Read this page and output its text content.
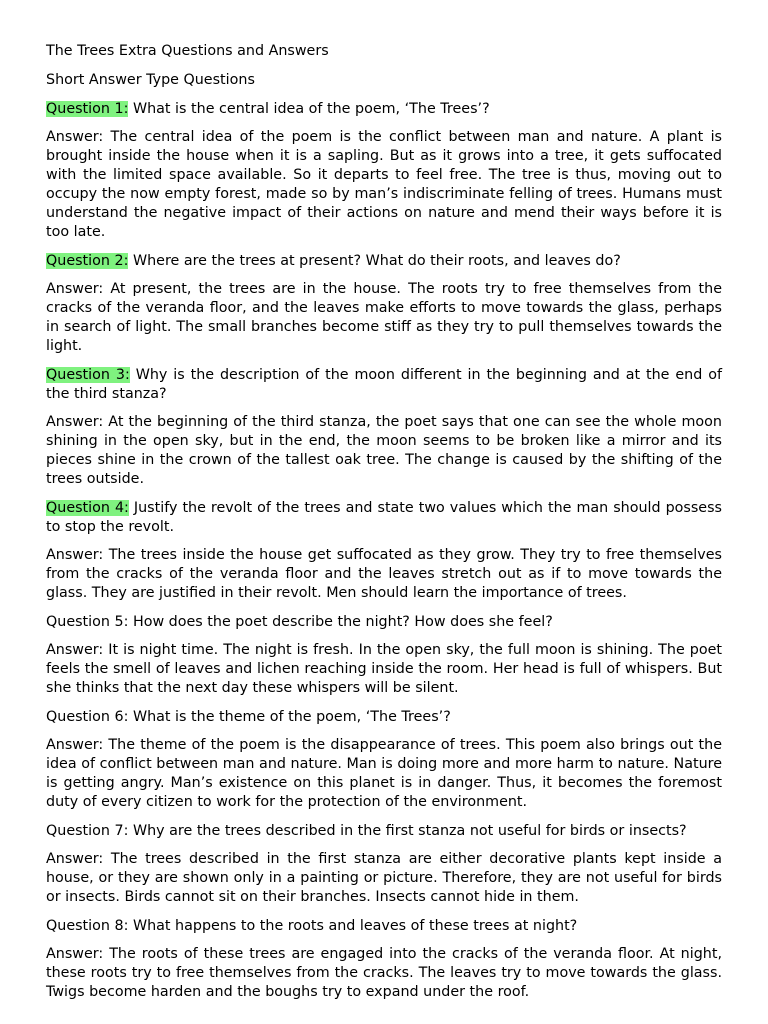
The Trees Extra Questions and Answers
Short Answer Type Questions
Question 1: What is the central idea of the poem, ‘The Trees’?
Answer: The central idea of the poem is the conflict between man and nature. A plant is brought inside the house when it is a sapling. But as it grows into a tree, it gets suffocated with the limited space available. So it departs to feel free. The tree is thus, moving out to occupy the now empty forest, made so by man’s indiscriminate felling of trees. Humans must understand the negative impact of their actions on nature and mend their ways before it is too late.
Question 2: Where are the trees at present? What do their roots, and leaves do?
Answer: At present, the trees are in the house. The roots try to free themselves from the cracks of the veranda floor, and the leaves make efforts to move towards the glass, perhaps in search of light. The small branches become stiff as they try to pull themselves towards the light.
Question 3: Why is the description of the moon different in the beginning and at the end of the third stanza?
Answer: At the beginning of the third stanza, the poet says that one can see the whole moon shining in the open sky, but in the end, the moon seems to be broken like a mirror and its pieces shine in the crown of the tallest oak tree. The change is caused by the shifting of the trees outside.
Question 4: Justify the revolt of the trees and state two values which the man should possess to stop the revolt.
Answer: The trees inside the house get suffocated as they grow. They try to free themselves from the cracks of the veranda floor and the leaves stretch out as if to move towards the glass. They are justified in their revolt. Men should learn the importance of trees.
Question 5: How does the poet describe the night? How does she feel?
Answer: It is night time. The night is fresh. In the open sky, the full moon is shining. The poet feels the smell of leaves and lichen reaching inside the room. Her head is full of whispers. But she thinks that the next day these whispers will be silent.
Question 6: What is the theme of the poem, ‘The Trees’?
Answer: The theme of the poem is the disappearance of trees. This poem also brings out the idea of conflict between man and nature. Man is doing more and more harm to nature. Nature is getting angry. Man’s existence on this planet is in danger. Thus, it becomes the foremost duty of every citizen to work for the protection of the environment.
Question 7: Why are the trees described in the first stanza not useful for birds or insects?
Answer: The trees described in the first stanza are either decorative plants kept inside a house, or they are shown only in a painting or picture. Therefore, they are not useful for birds or insects. Birds cannot sit on their branches. Insects cannot hide in them.
Question 8: What happens to the roots and leaves of these trees at night?
Answer: The roots of these trees are engaged into the cracks of the veranda floor. At night, these roots try to free themselves from the cracks. The leaves try to move towards the glass. Twigs become harden and the boughs try to expand under the roof.
